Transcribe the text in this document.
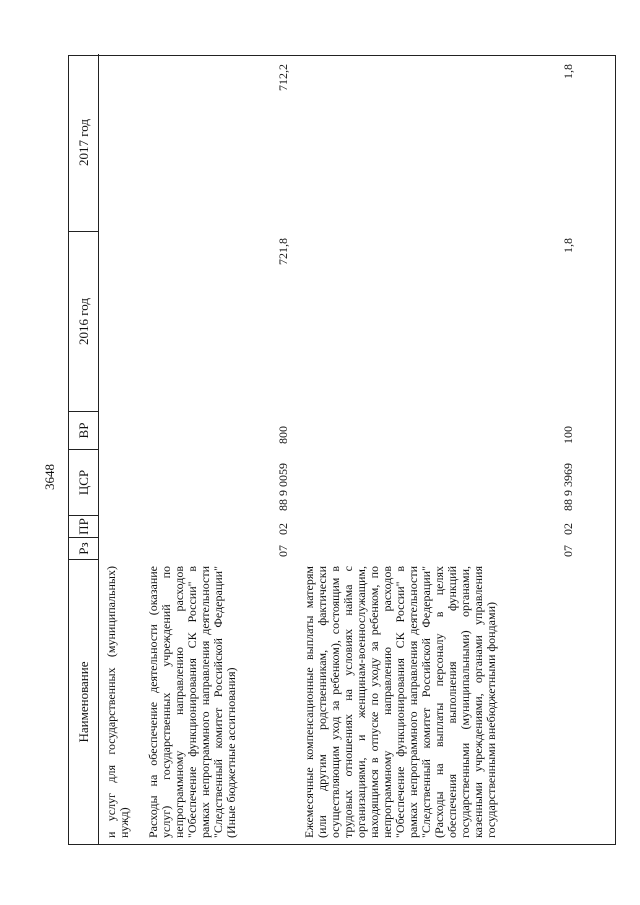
3648
Наименование
Рз
ПР
ЦСР
ВР
2016 год
2017 год
и услуг для государственных (муниципальных) нужд) Расходы на обеспечение деятельности (оказание услуг) государственных учреждений по непрограммному направлению расходов "Обеспечение функционирования СК России" в рамках непрограммного направления деятельности "Следственный комитет Российской Федерации" (Иные бюджетные ассигнования)
07
02
88 9 0059
800
721,8
712,2
Ежемесячные компенсационные выплаты матерям (или другим родственникам, фактически осуществляющим уход за ребенком), состоящим в трудовых отношениях на условиях найма с организациями, и женщинам-военнослужащим, находящимся в отпуске по уходу за ребенком, по непрограммному направлению расходов "Обеспечение функционирования СК России" в рамках непрограммного направления деятельности "Следственный комитет Российской Федерации" (Расходы на выплаты персоналу в целях обеспечения выполнения функций государственными (муниципальными) органами, казенными учреждениями, органами управления государственными внебюджетными фондами)
07
02
88 9 3969
100
1,8
1,8
